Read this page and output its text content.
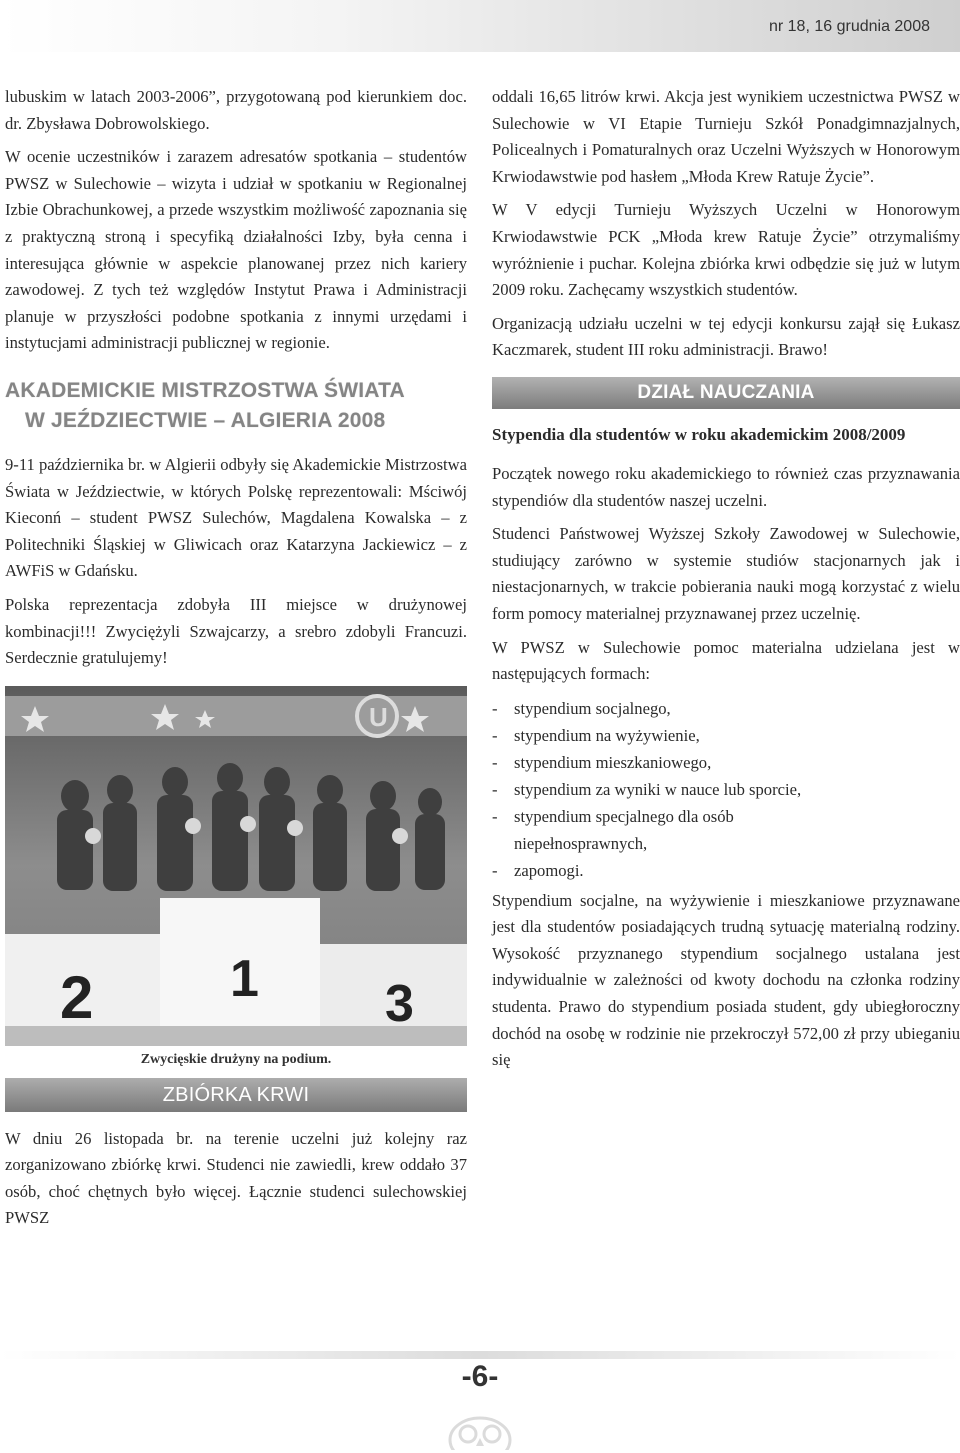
nr 18, 16 grudnia 2008

lubuskim w latach 2003-2006”, przygotowaną pod kierunkiem doc. dr. Zbysława Dobrowolskiego.

W ocenie uczestników i zarazem adresatów spotkania – studentów PWSZ w Sulechowie – wizyta i udział w spotkaniu w Regionalnej Izbie Obrachunkowej, a przede wszystkim możliwość zapoznania się z praktyczną stroną i specyfiką działalności Izby, była cenna i interesująca głównie w aspekcie planowanej przez nich kariery zawodowej. Z tych też względów Instytut Prawa i Administracji planuje w przyszłości podobne spotkania z innymi urzędami i instytucjami administracji publicznej w regionie.

AKADEMICKIE MISTRZOSTWA ŚWIATA
W JEŹDZIECTWIE – ALGIERIA 2008

9-11 października br. w Algierii odbyły się Akademickie Mistrzostwa Świata w Jeździectwie, w których Polskę reprezentowali: Mściwój Kieconń – student PWSZ Sulechów, Magdalena Kowalska – z Politechniki Śląskiej w Gliwicach oraz Katarzyna Jackiewicz – z AWFiS w Gdańsku.

Polska reprezentacja zdobyła III miejsce w drużynowej kombinacji!!! Zwyciężyli Szwajcarzy, a srebro zdobyli Francuzi. Serdecznie gratulujemy!

U
2	1 3
Zwycięskie drużyny na podium.
ZBIÓRKA KRWI

W dniu 26 listopada br. na terenie uczelni już kolejny raz zorganizowano zbiórkę krwi. Studenci nie zawiedli, krew oddało 37 osób, choć chętnych było więcej. Łącznie studenci sulechowskiej PWSZ

oddali 16,65 litrów krwi. Akcja jest wynikiem uczestnictwa PWSZ w Sulechowie w VI Etapie Turnieju Szkół Ponadgimnazjalnych, Policealnych i Pomaturalnych oraz Uczelni Wyższych w Honorowym Krwiodawstwie pod hasłem „Młoda Krew Ratuje Życie”.

W V edycji Turnieju Wyższych Uczelni w Honorowym Krwiodawstwie PCK „Młoda krew Ratuje Życie” otrzymaliśmy wyróżnienie i puchar. Kolejna zbiórka krwi odbędzie się już w lutym 2009 roku. Zachęcamy wszystkich studentów.

Organizacją udziału uczelni w tej edycji konkursu zajął się Łukasz Kaczmarek, student III roku administracji. Brawo!

DZIAŁ NAUCZANIA
Stypendia dla studentów w roku akademickim 2008/2009

Początek nowego roku akademickiego to również czas przyznawania stypendiów dla studentów naszej uczelni.

Studenci Państwowej Wyższej Szkoły Zawodowej w Sulechowie, studiujący zarówno w systemie studiów stacjonarnych jak i niestacjonarnych, w trakcie pobierania nauki mogą korzystać z wielu form pomocy materialnej przyznawanej przez uczelnię.

W PWSZ w Sulechowie pomoc materialna udzielana jest w następujących formach:

- stypendium socjalnego,
- stypendium na wyżywienie,
- stypendium mieszkaniowego,
- stypendium za wyniki w nauce lub sporcie,
- stypendium specjalnego dla osób niepełnosprawnych,
- zapomogi.

Stypendium socjalne, na wyżywienie i mieszkaniowe przyznawane jest dla studentów posiadających trudną sytuację materialną rodziny. Wysokość przyznanego stypendium socjalnego ustalana jest indywidualnie w zależności od kwoty dochodu na członka rodziny studenta. Prawo do stypendium posiada student, gdy ubiegłoroczny dochód na osobę w rodzinie nie przekroczył 572,00 zł przy ubieganiu się

-6-
